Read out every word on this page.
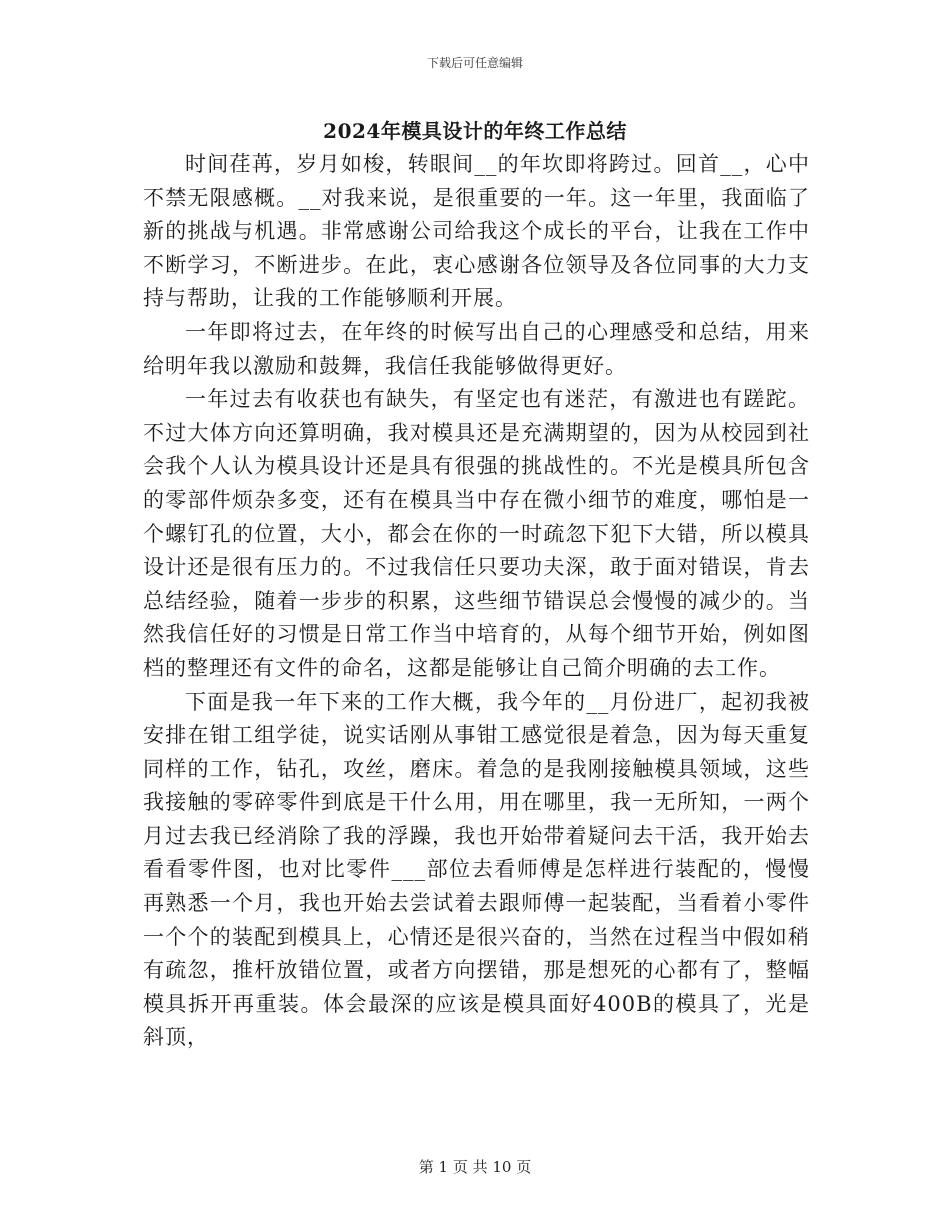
下载后可任意编辑
2024年模具设计的年终工作总结

时间荏苒，岁月如梭，转眼间__的年坎即将跨过。回首__，心中不禁无限感概。__对我来说，是很重要的一年。这一年里，我面临了新的挑战与机遇。非常感谢公司给我这个成长的平台，让我在工作中不断学习，不断进步。在此，衷心感谢各位领导及各位同事的大力支持与帮助，让我的工作能够顺利开展。

一年即将过去，在年终的时候写出自己的心理感受和总结，用来给明年我以激励和鼓舞，我信任我能够做得更好。

一年过去有收获也有缺失，有坚定也有迷茫，有激进也有蹉跎。不过大体方向还算明确，我对模具还是充满期望的，因为从校园到社会我个人认为模具设计还是具有很强的挑战性的。不光是模具所包含的零部件烦杂多变，还有在模具当中存在微小细节的难度，哪怕是一个螺钉孔的位置，大小，都会在你的一时疏忽下犯下大错，所以模具设计还是很有压力的。不过我信任只要功夫深，敢于面对错误，肯去总结经验，随着一步步的积累，这些细节错误总会慢慢的减少的。当然我信任好的习惯是日常工作当中培育的，从每个细节开始，例如图档的整理还有文件的命名，这都是能够让自己简介明确的去工作。

下面是我一年下来的工作大概，我今年的__月份进厂，起初我被安排在钳工组学徒，说实话刚从事钳工感觉很是着急，因为每天重复同样的工作，钻孔，攻丝，磨床。着急的是我刚接触模具领域，这些我接触的零碎零件到底是干什么用，用在哪里，我一无所知，一两个月过去我已经消除了我的浮躁，我也开始带着疑问去干活，我开始去看看零件图，也对比零件___部位去看师傅是怎样进行装配的，慢慢再熟悉一个月，我也开始去尝试着去跟师傅一起装配，当看着小零件一个个的装配到模具上，心情还是很兴奋的，当然在过程当中假如稍有疏忽，推杆放错位置，或者方向摆错，那是想死的心都有了，整幅模具拆开再重装。体会最深的应该是模具面好400B的模具了，光是斜顶，

第 1 页 共 10 页
